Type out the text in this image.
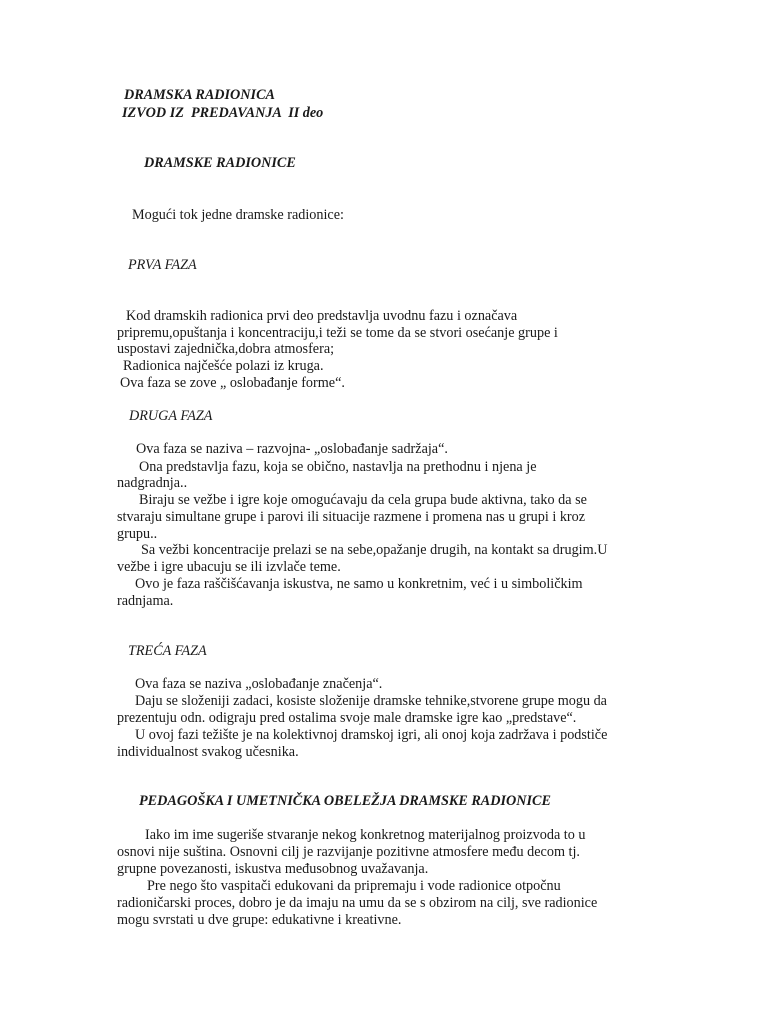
DRAMSKA RADIONICA
IZVOD IZ  PREDAVANJA  II deo
DRAMSKE RADIONICE
Mogući tok jedne dramske radionice:
PRVA FAZA
Kod dramskih radionica prvi deo predstavlja uvodnu fazu i označava
pripremu,opuštanja i koncentraciju,i teži se tome da se stvori osećanje grupe i
uspostavi zajednička,dobra atmosfera;
Radionica najčešće polazi iz kruga.
Ova faza se zove „ oslobađanje forme“.
DRUGA FAZA
Ova faza se naziva – razvojna- „oslobađanje sadržaja“.
Ona predstavlja fazu, koja se obično, nastavlja na prethodnu i njena je
nadgradnja..
Biraju se vežbe i igre koje omogućavaju da cela grupa bude aktivna, tako da se
stvaraju simultane grupe i parovi ili situacije razmene i promena nas u grupi i kroz
grupu..
Sa vežbi koncentracije prelazi se na sebe,opažanje drugih, na kontakt sa drugim.U
vežbe i igre ubacuju se ili izvlače teme.
Ovo je faza raščišćavanja iskustva, ne samo u konkretnim, već i u simboličkim
radnjama.
TREĆA FAZA
Ova faza se naziva „oslobađanje značenja“.
Daju se složeniji zadaci, kosiste složenije dramske tehnike,stvorene grupe mogu da
prezentuju odn. odigraju pred ostalima svoje male dramske igre kao „predstave“.
U ovoj fazi težište je na kolektivnoj dramskoj igri, ali onoj koja zadržava i podstiče
individualnost svakog učesnika.
PEDAGOŠKA I UMETNIČKA OBELEŽJA DRAMSKE RADIONICE
Iako im ime sugeriše stvaranje nekog konkretnog materijalnog proizvoda to u
osnovi nije suština. Osnovni cilj je razvijanje pozitivne atmosfere među decom tj.
grupne povezanosti, iskustva međusobnog uvažavanja.
Pre nego što vaspitači edukovani da pripremaju i vode radionice otpočnu
radioničarski proces, dobro je da imaju na umu da se s obzirom na cilj, sve radionice
mogu svrstati u dve grupe: edukativne i kreativne.
